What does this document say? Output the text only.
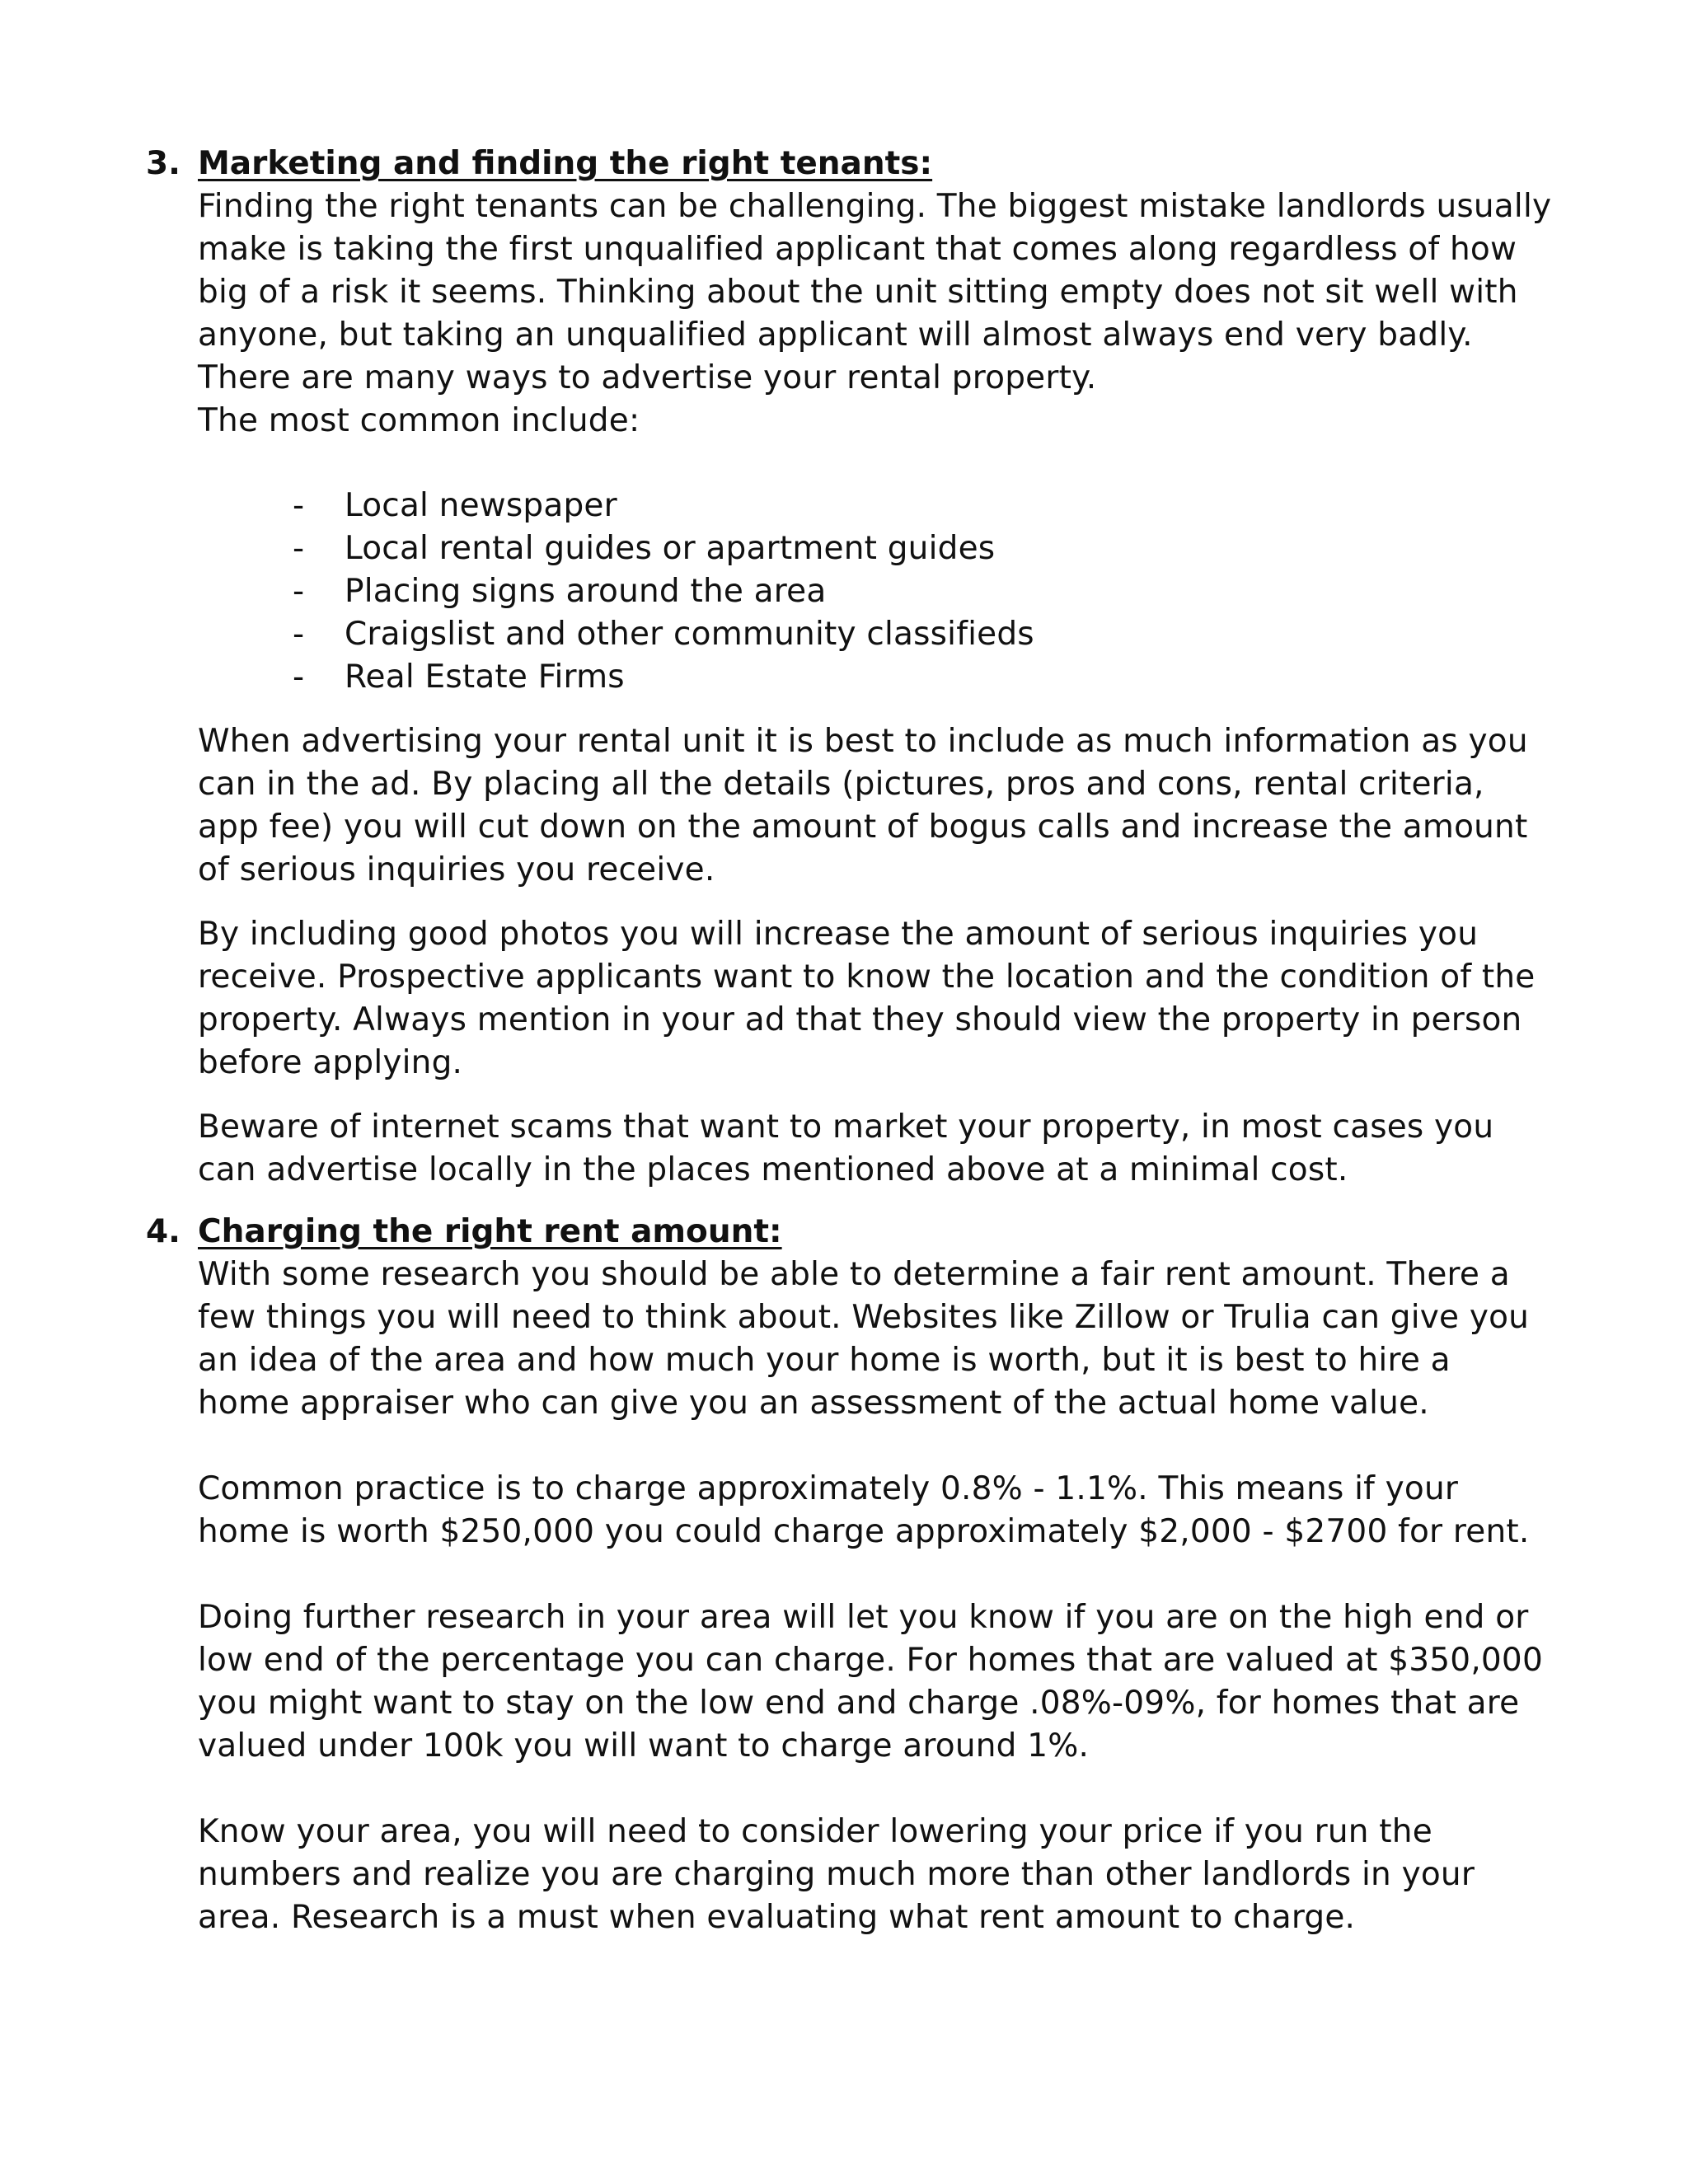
3. Marketing and finding the right tenants:

Finding the right tenants can be challenging. The biggest mistake landlords usually
make is taking the first unqualified applicant that comes along regardless of how
big of a risk it seems. Thinking about the unit sitting empty does not sit well with
anyone, but taking an unqualified applicant will almost always end very badly.
There are many ways to advertise your rental property.
The most common include:

-	Local newspaper
-	Local rental guides or apartment guides
-	Placing signs around the area
-	Craigslist and other community classifieds
-	Real Estate Firms

When advertising your rental unit it is best to include as much information as you
can in the ad. By placing all the details (pictures, pros and cons, rental criteria,
app fee) you will cut down on the amount of bogus calls and increase the amount
of serious inquiries you receive.

By including good photos you will increase the amount of serious inquiries you
receive. Prospective applicants want to know the location and the condition of the
property. Always mention in your ad that they should view the property in person
before applying.

Beware of internet scams that want to market your property, in most cases you
can advertise locally in the places mentioned above at a minimal cost.

4. Charging the right rent amount:

With some research you should be able to determine a fair rent amount. There a
few things you will need to think about. Websites like Zillow or Trulia can give you
an idea of the area and how much your home is worth, but it is best to hire a
home appraiser who can give you an assessment of the actual home value.

Common practice is to charge approximately 0.8% - 1.1%. This means if your
home is worth $250,000 you could charge approximately $2,000 - $2700 for rent.

Doing further research in your area will let you know if you are on the high end or
low end of the percentage you can charge. For homes that are valued at $350,000
you might want to stay on the low end and charge .08%-09%, for homes that are
valued under 100k you will want to charge around 1%.

Know your area, you will need to consider lowering your price if you run the
numbers and realize you are charging much more than other landlords in your
area. Research is a must when evaluating what rent amount to charge.
